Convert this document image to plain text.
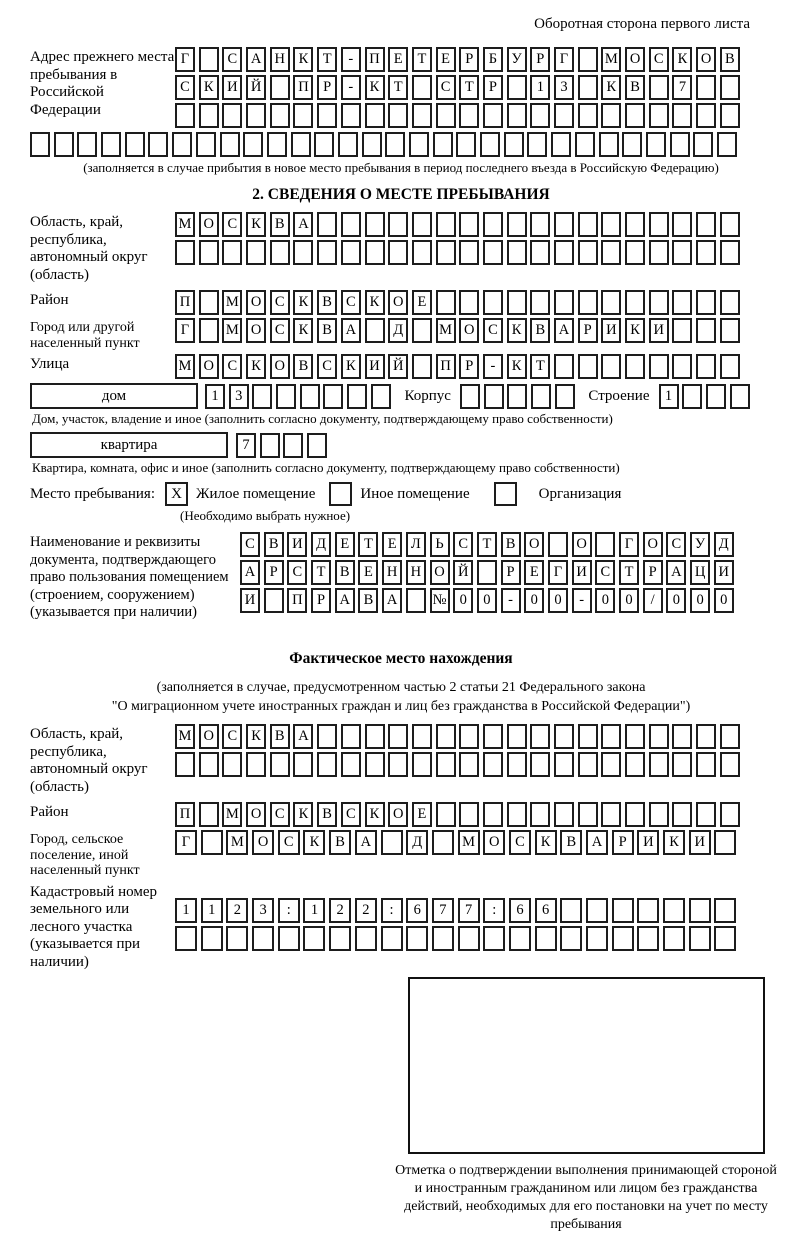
Оборотная сторона первого листа
Адрес прежнего места пребывания в Российской Федерации
Г	С А Н К Т	-	П Е	Т	Е	Р	Б У	Р	Г	М О С К О В
С К И Й	П Р	-	К Т	С Т	Р	1	3	К В	7
(заполняется в случае прибытия в новое место пребывания в период последнего въезда в Российскую Федерацию)
2. СВЕДЕНИЯ О МЕСТЕ ПРЕБЫВАНИЯ
Область, край, республика, автономный округ (область)
М О С К В А
Район	П	М О С К В С К О Е
Город или другой населенный пункт
Г	М О С К В А	Д	М О С К В А Р И К И
Улица	М О С К О В С К И Й	П Р	-	К Т
дом	1	3	Корпус	Строение	1
Дом, участок, владение и иное (заполнить согласно документу, подтверждающему право собственности)
квартира	7
Квартира, комната, офис и иное (заполнить согласно документу, подтверждающему право собственности)
Место пребывания:	X Жилое помещение	Иное помещение	Организация
(Необходимо выбрать нужное)
Наименование и реквизиты документа, подтверждающего право пользования помещением (строением, сооружением) (указывается при наличии)
С В И Д Е	Т	Е Л	Ь	С Т В О	О	Г О С У Д
А Р	С Т В Е Н Н О Й	Р	Е	Г И С Т	Р А Ц И
И	П Р А В А	№ 0	0	-	0	0	-	0	0	/	0	0	0
Фактическое место нахождения
(заполняется в случае, предусмотренном частью 2 статьи 21 Федерального закона
"О миграционном учете иностранных граждан и лиц без гражданства в Российской Федерации")
Область, край, республика, автономный округ (область)
М О С К В А
Район	П	М О С К В С К О Е
Город, сельское поселение, иной населенный пункт
Г	М О	С	К	В	А	Д	М О	С	К	В	А	Р	И	К	И
Кадастровый номер земельного или лесного участка (указывается при наличии)
1	1	2	3	:	1	2	2	:	6	7	7	:	6	6
Отметка о подтверждении выполнения принимающей стороной и иностранным гражданином или лицом без гражданства действий, необходимых для его постановки на учет по месту пребывания
